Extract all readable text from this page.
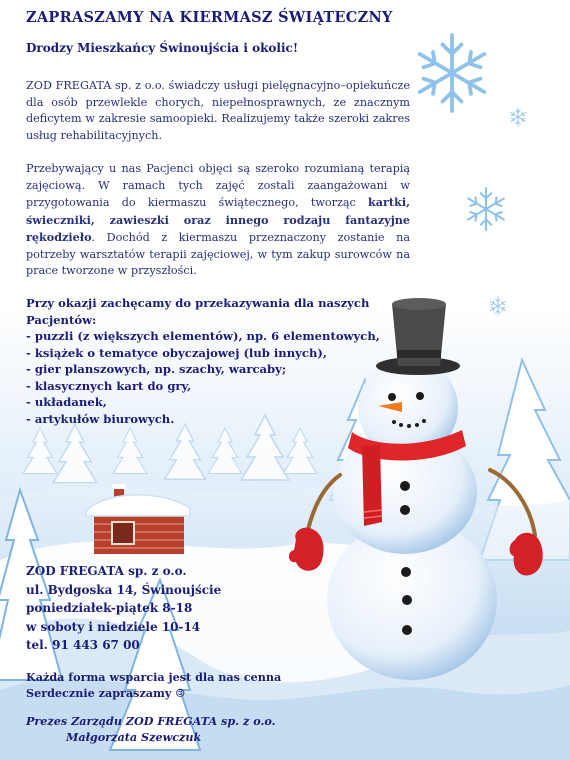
ZAPRASZAMY NA KIERMASZ ŚWIĄTECZNY
Drodzy Mieszkańcy Świnoujścia i okolic!
ZOD FREGATA sp. z o.o. świadczy usługi pielęgnacyjno–opiekuńcze dla osób przewlekle chorych, niepełnosprawnych, ze znacznym deficytem w zakresie samoopieki. Realizujemy także szeroki zakres usług rehabilitacyjnych.
Przebywający u nas Pacjenci objęci są szeroko rozumianą terapią zajęciową. W ramach tych zajęć zostali zaangażowani w przygotowania do kiermaszu świątecznego, tworząc kartki, świeczniki, zawieszki oraz innego rodzaju fantazyjne rękodzieło. Dochód z kiermaszu przeznaczony zostanie na potrzeby warsztatów terapii zajęciowej, w tym zakup surowców na prace tworzone w przyszłości.

Przy okazji zachęcamy do przekazywania dla naszych Pacjentów:

- puzzli (z większych elementów), np. 6 elementowych,
- książek o tematyce obyczajowej (lub innych),
- gier planszowych, np. szachy, warcaby;
- klasycznych kart do gry,
- układanek,
- artykułów biurowych.
ZOD FREGATA sp. z o.o.
ul. Bydgoska 14, Świnoujście
poniedziałek-piątek 8-18
w soboty i niedziele 10-14
tel. 91 443 67 00
Każda forma wsparcia jest dla nas cenna
Serdecznie zapraszamy ☺
Prezes Zarządu ZOD FREGATA sp. z o.o.
Małgorzata Szewczuk
